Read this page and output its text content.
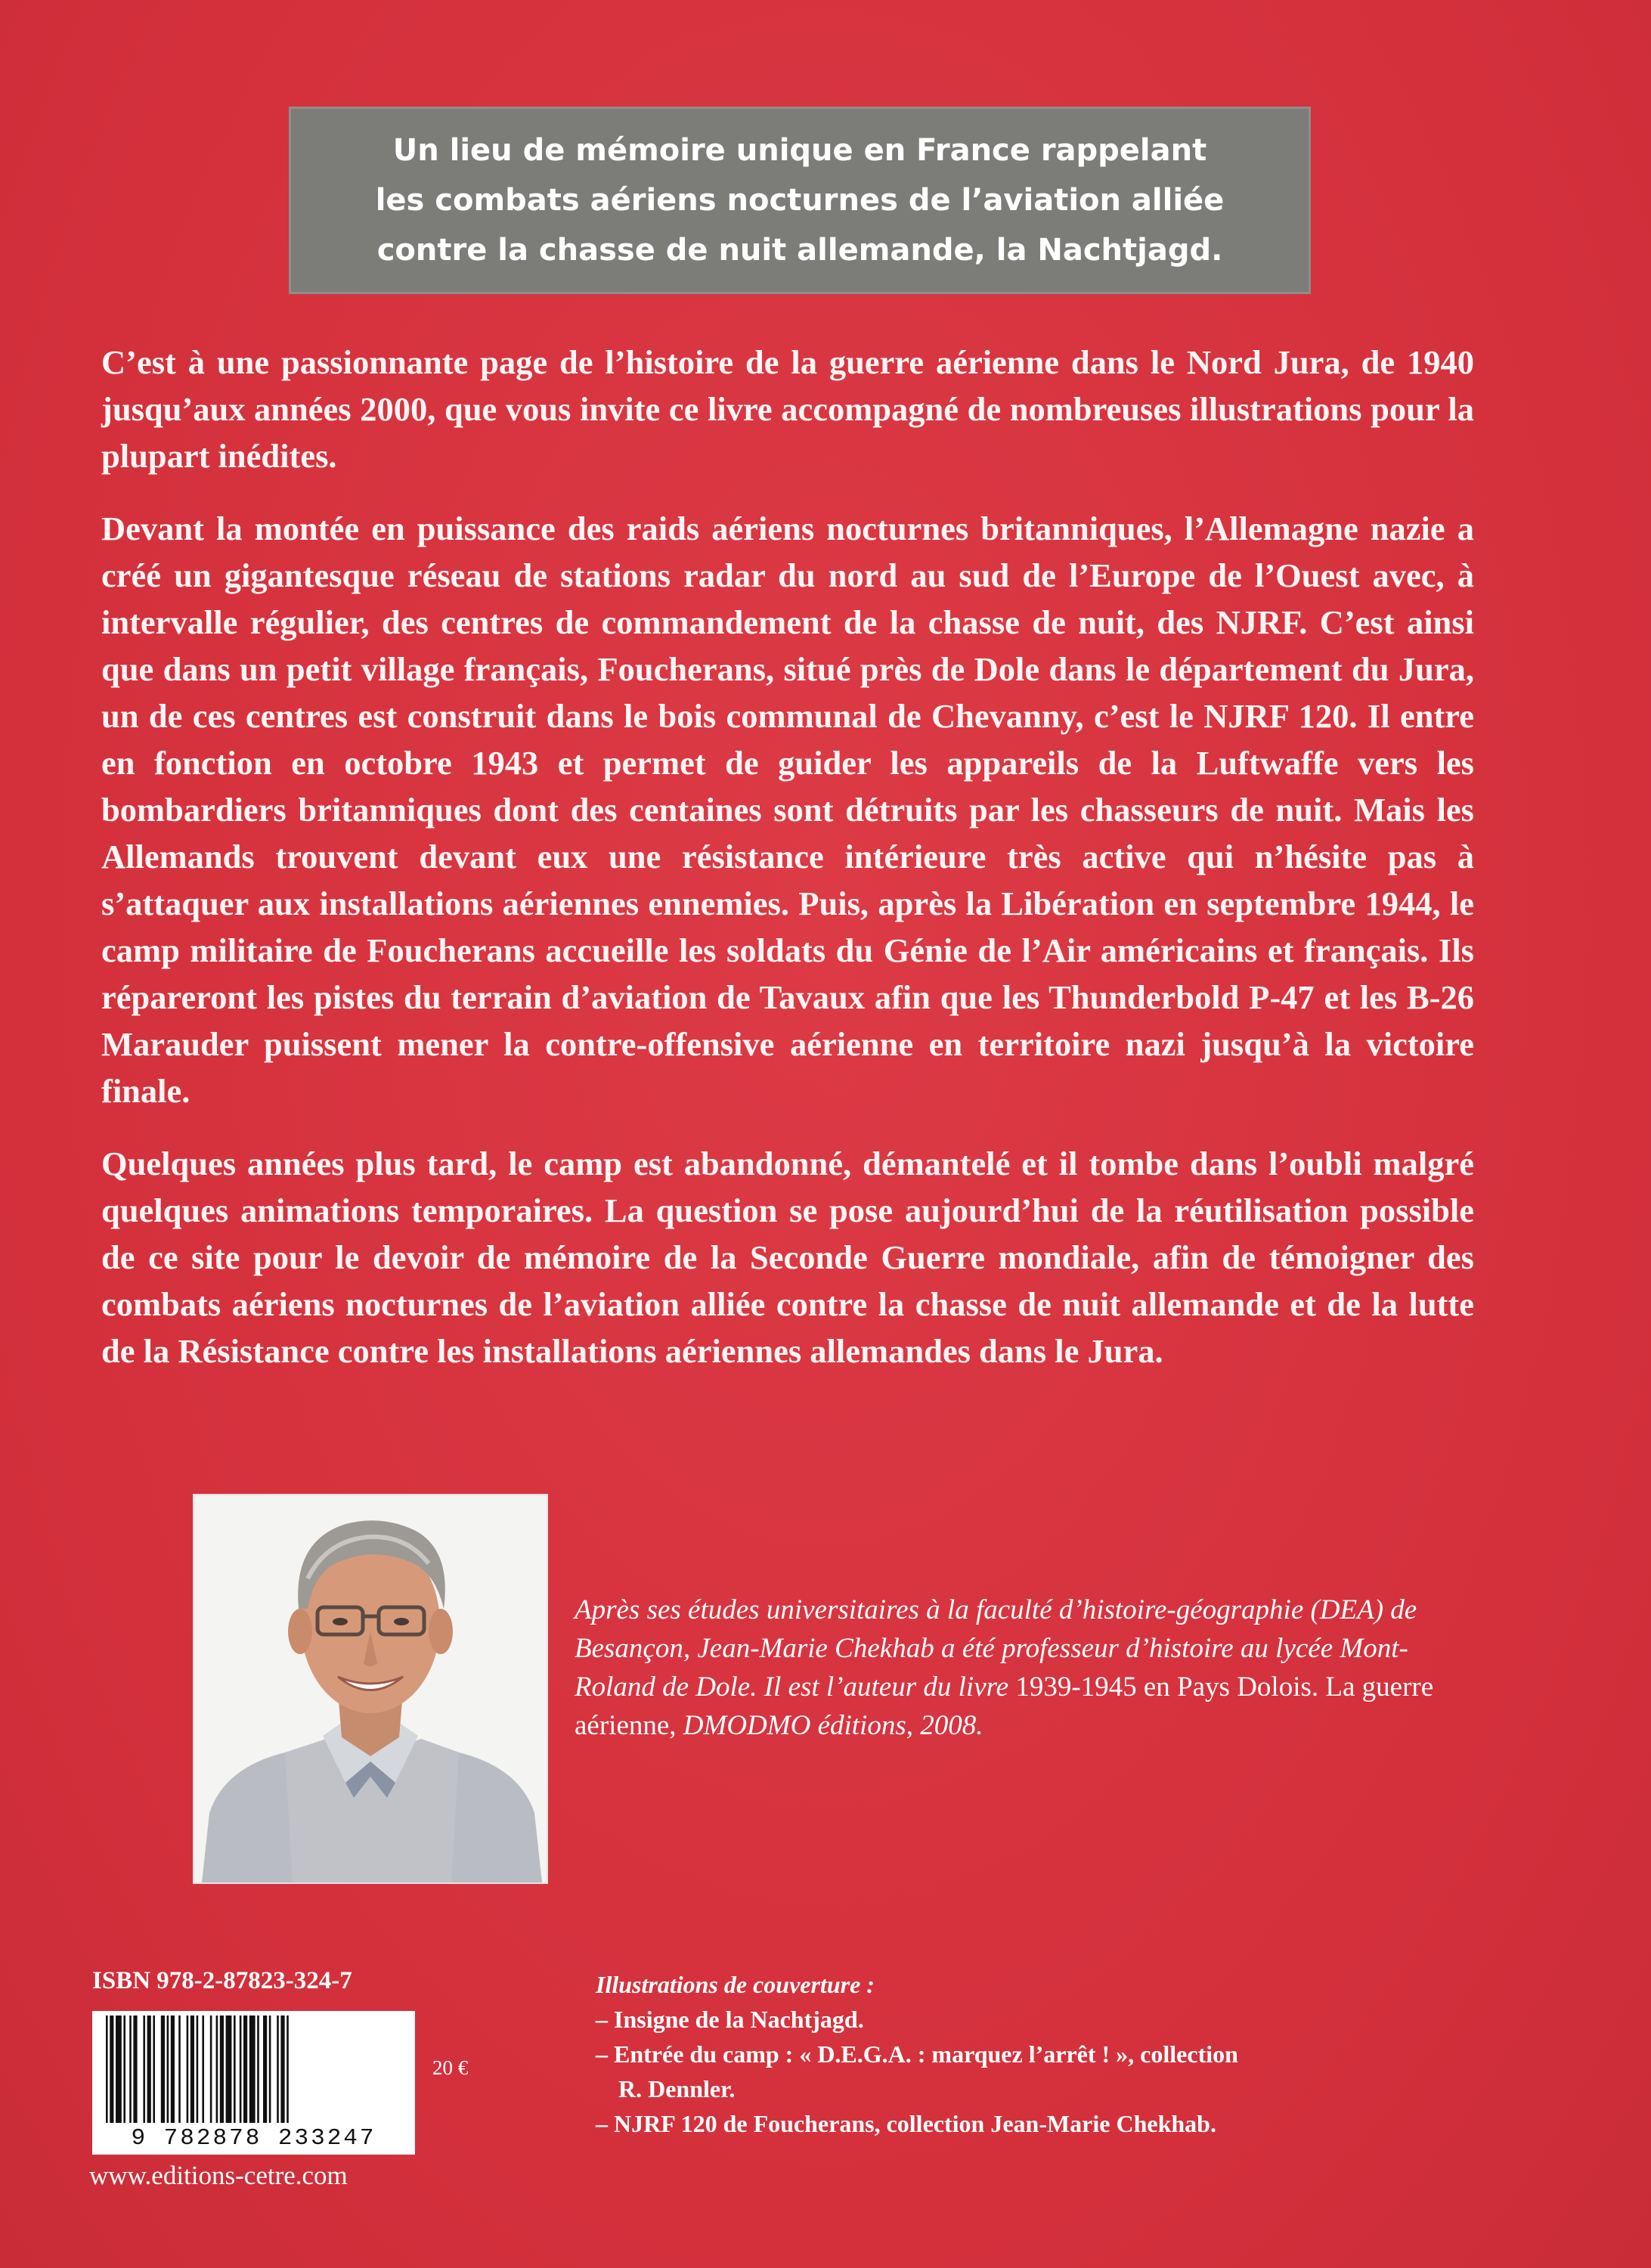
Un lieu de mémoire unique en France rappelant
les combats aériens nocturnes de l’aviation alliée
contre la chasse de nuit allemande, la Nachtjagd.

C’est à une passionnante page de l’histoire de la guerre aérienne dans le Nord Jura, de 1940 jusqu’aux années 2000, que vous invite ce livre accompagné de nombreuses illustrations pour la plupart inédites.

Devant la montée en puissance des raids aériens nocturnes britanniques, l’Allemagne nazie a créé un gigantesque réseau de stations radar du nord au sud de l’Europe de l’Ouest avec, à intervalle régulier, des centres de commandement de la chasse de nuit, des NJRF. C’est ainsi que dans un petit village français, Foucherans, situé près de Dole dans le département du Jura, un de ces centres est construit dans le bois communal de Chevanny, c’est le NJRF 120. Il entre en fonction en octobre 1943 et permet de guider les appareils de la Luftwaffe vers les bombardiers britanniques dont des centaines sont détruits par les chasseurs de nuit. Mais les Allemands trouvent devant eux une résistance intérieure très active qui n’hésite pas à s’attaquer aux installations aériennes ennemies. Puis, après la Libération en septembre 1944, le camp militaire de Foucherans accueille les soldats du Génie de l’Air américains et français. Ils répareront les pistes du terrain d’aviation de Tavaux afin que les Thunderbold P-47 et les B-26 Marauder puissent mener la contre-offensive aérienne en territoire nazi jusqu’à la victoire finale.

Quelques années plus tard, le camp est abandonné, démantelé et il tombe dans l’oubli malgré quelques animations temporaires. La question se pose aujourd’hui de la réutilisation possible de ce site pour le devoir de mémoire de la Seconde Guerre mondiale, afin de témoigner des combats aériens nocturnes de l’aviation alliée contre la chasse de nuit allemande et de la lutte de la Résistance contre les installations aériennes allemandes dans le Jura.

Après ses études universitaires à la faculté d’histoire-géographie (DEA) de Besançon, Jean-Marie Chekhab a été professeur d’histoire au lycée Mont-Roland de Dole. Il est l’auteur du livre 1939-1945 en Pays Dolois. La guerre aérienne, DMODMO éditions, 2008.
ISBN 978-2-87823-324-7
9 782878 233247
20 €
www.editions-cetre.com
Illustrations de couverture :
– Insigne de la Nachtjagd.
– Entrée du camp : « D.E.G.A. : marquez l’arrêt ! », collection
R. Dennler.
– NJRF 120 de Foucherans, collection Jean-Marie Chekhab.
